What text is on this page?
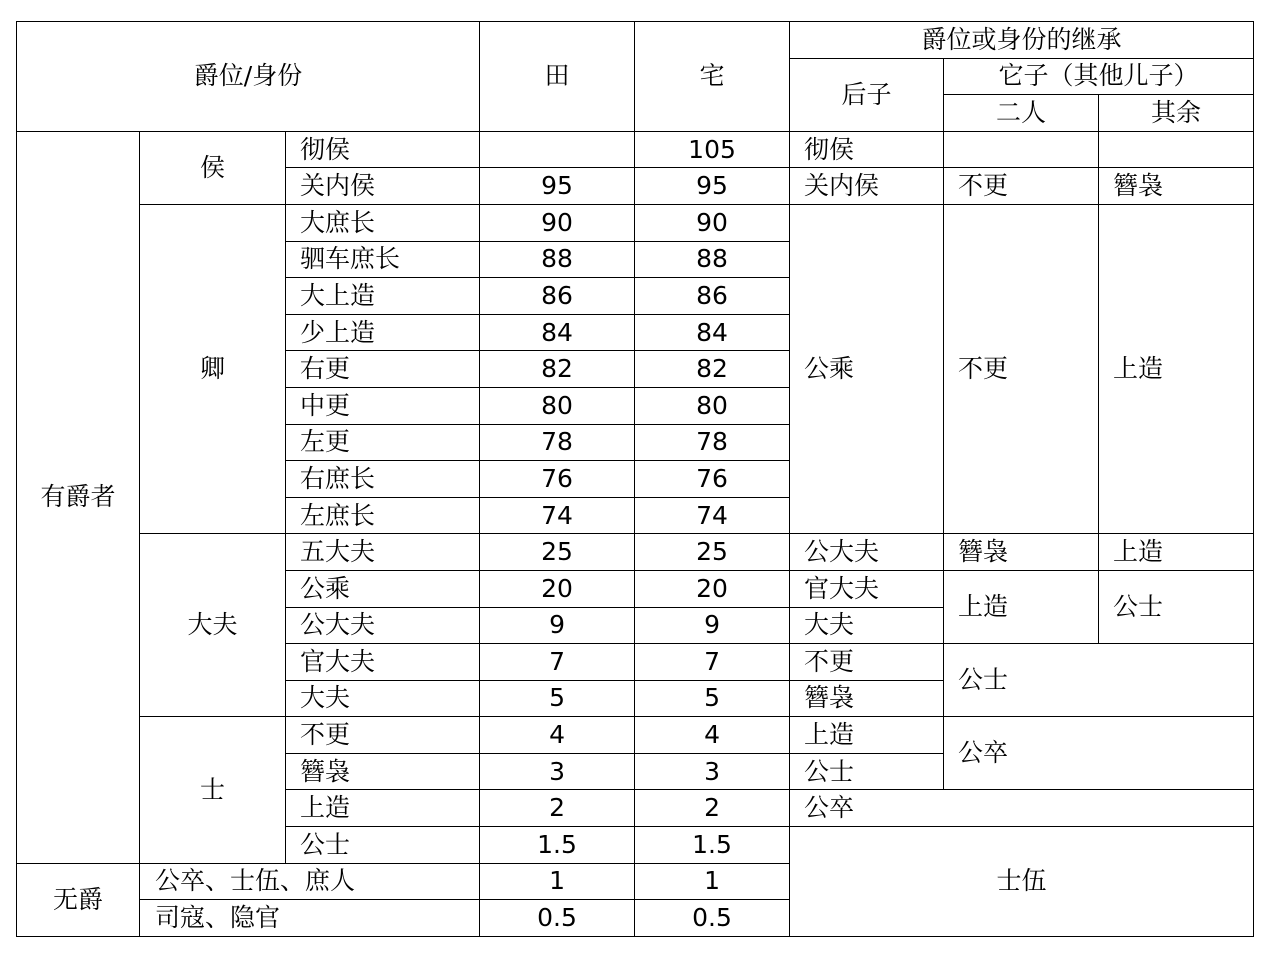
爵位/身份			田	宅	爵位或身份的继承		
					后子	它子（其他儿子）	
						二人	其余
有爵者	侯	彻侯		105	彻侯		
		关内侯	95	95	关内侯	不更	簪袅
	卿	大庶长	90	90	公乘	不更	上造
		驷车庶长	88	88			
		大上造	86	86			
		少上造	84	84			
		右更	82	82			
		中更	80	80			
		左更	78	78			
		右庶长	76	76			
		左庶长	74	74			
	大夫	五大夫	25	25	公大夫	簪袅	上造
		公乘	20	20	官大夫	上造	公士
		公大夫	9	9	大夫		
		官大夫	7	7	不更	公士	
		大夫	5	5	簪袅		
	士	不更	4	4	上造	公卒	
		簪袅	3	3	公士		
		上造	2	2	公卒		
		公士	1.5	1.5	士伍		
无爵	公卒、士伍、庶人		1	1			
	司寇、隐官		0.5	0.5			
